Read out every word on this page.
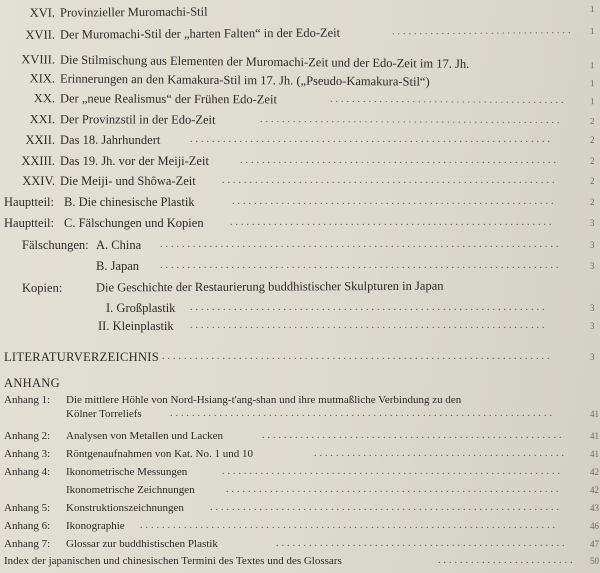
XVI. Provinzieller Muromachi-Stil	1
XVII. Der Muromachi-Stil der „harten Falten“ in der Edo-Zeit	.................................	1
XVIII. Die Stilmischung aus Elementen der Muromachi-Zeit und der Edo-Zeit im 17. Jh.	1
XIX. Erinnerungen an den Kamakura-Stil im 17. Jh. („Pseudo-Kamakura-Stil“)	1
XX. Der „neue Realismus“ der Frühen Edo-Zeit	...........................................	1
XXI. Der Provinzstil in der Edo-Zeit	.......................................................	2
XXII. Das 18. Jahrhundert	..................................................................	2
XXIII. Das 19. Jh. vor der Meiji-Zeit	..........................................................	2
XXIV. Die Meiji- und Shôwa-Zeit	.............................................................	2
Hauptteil: B. Die chinesische Plastik	...........................................................	2
Hauptteil: C. Fälschungen und Kopien	...........................................................	3
Fälschungen: A. China .........................................................................	3
B. Japan .........................................................................	3
Kopien:	Die Geschichte der Restaurierung buddhistischer Skulpturen in Japan
I. Großplastik .................................................................	3
II. Kleinplastik .................................................................	3
LITERATURVERZEICHNIS .......................................................................	3
ANHANG
Anhang 1: Die mittlere Höhle von Nord-Hsiang-t'ang-shan und ihre mutmaßliche Verbindung zu den
Kölner Torreliefs	......................................................................	41
Anhang 2: Analysen von Metallen und Lacken	.......................................................	41
Anhang 3: Röntgenaufnahmen von Kat. No. 1 und 10	..............................................	41
Anhang 4: Ikonometrische Messungen	..............................................................	42
Ikonometrische Zeichnungen	.............................................................	42
Anhang 5: Konstruktionszeichnungen	................................................................	43
Anhang 6: Ikonographie ............................................................................	46
Anhang 7: Glossar zur buddhistischen Plastik	.....................................................	47
Index der japanischen und chinesischen Termini des Textes und des Glossars	.........................	50
